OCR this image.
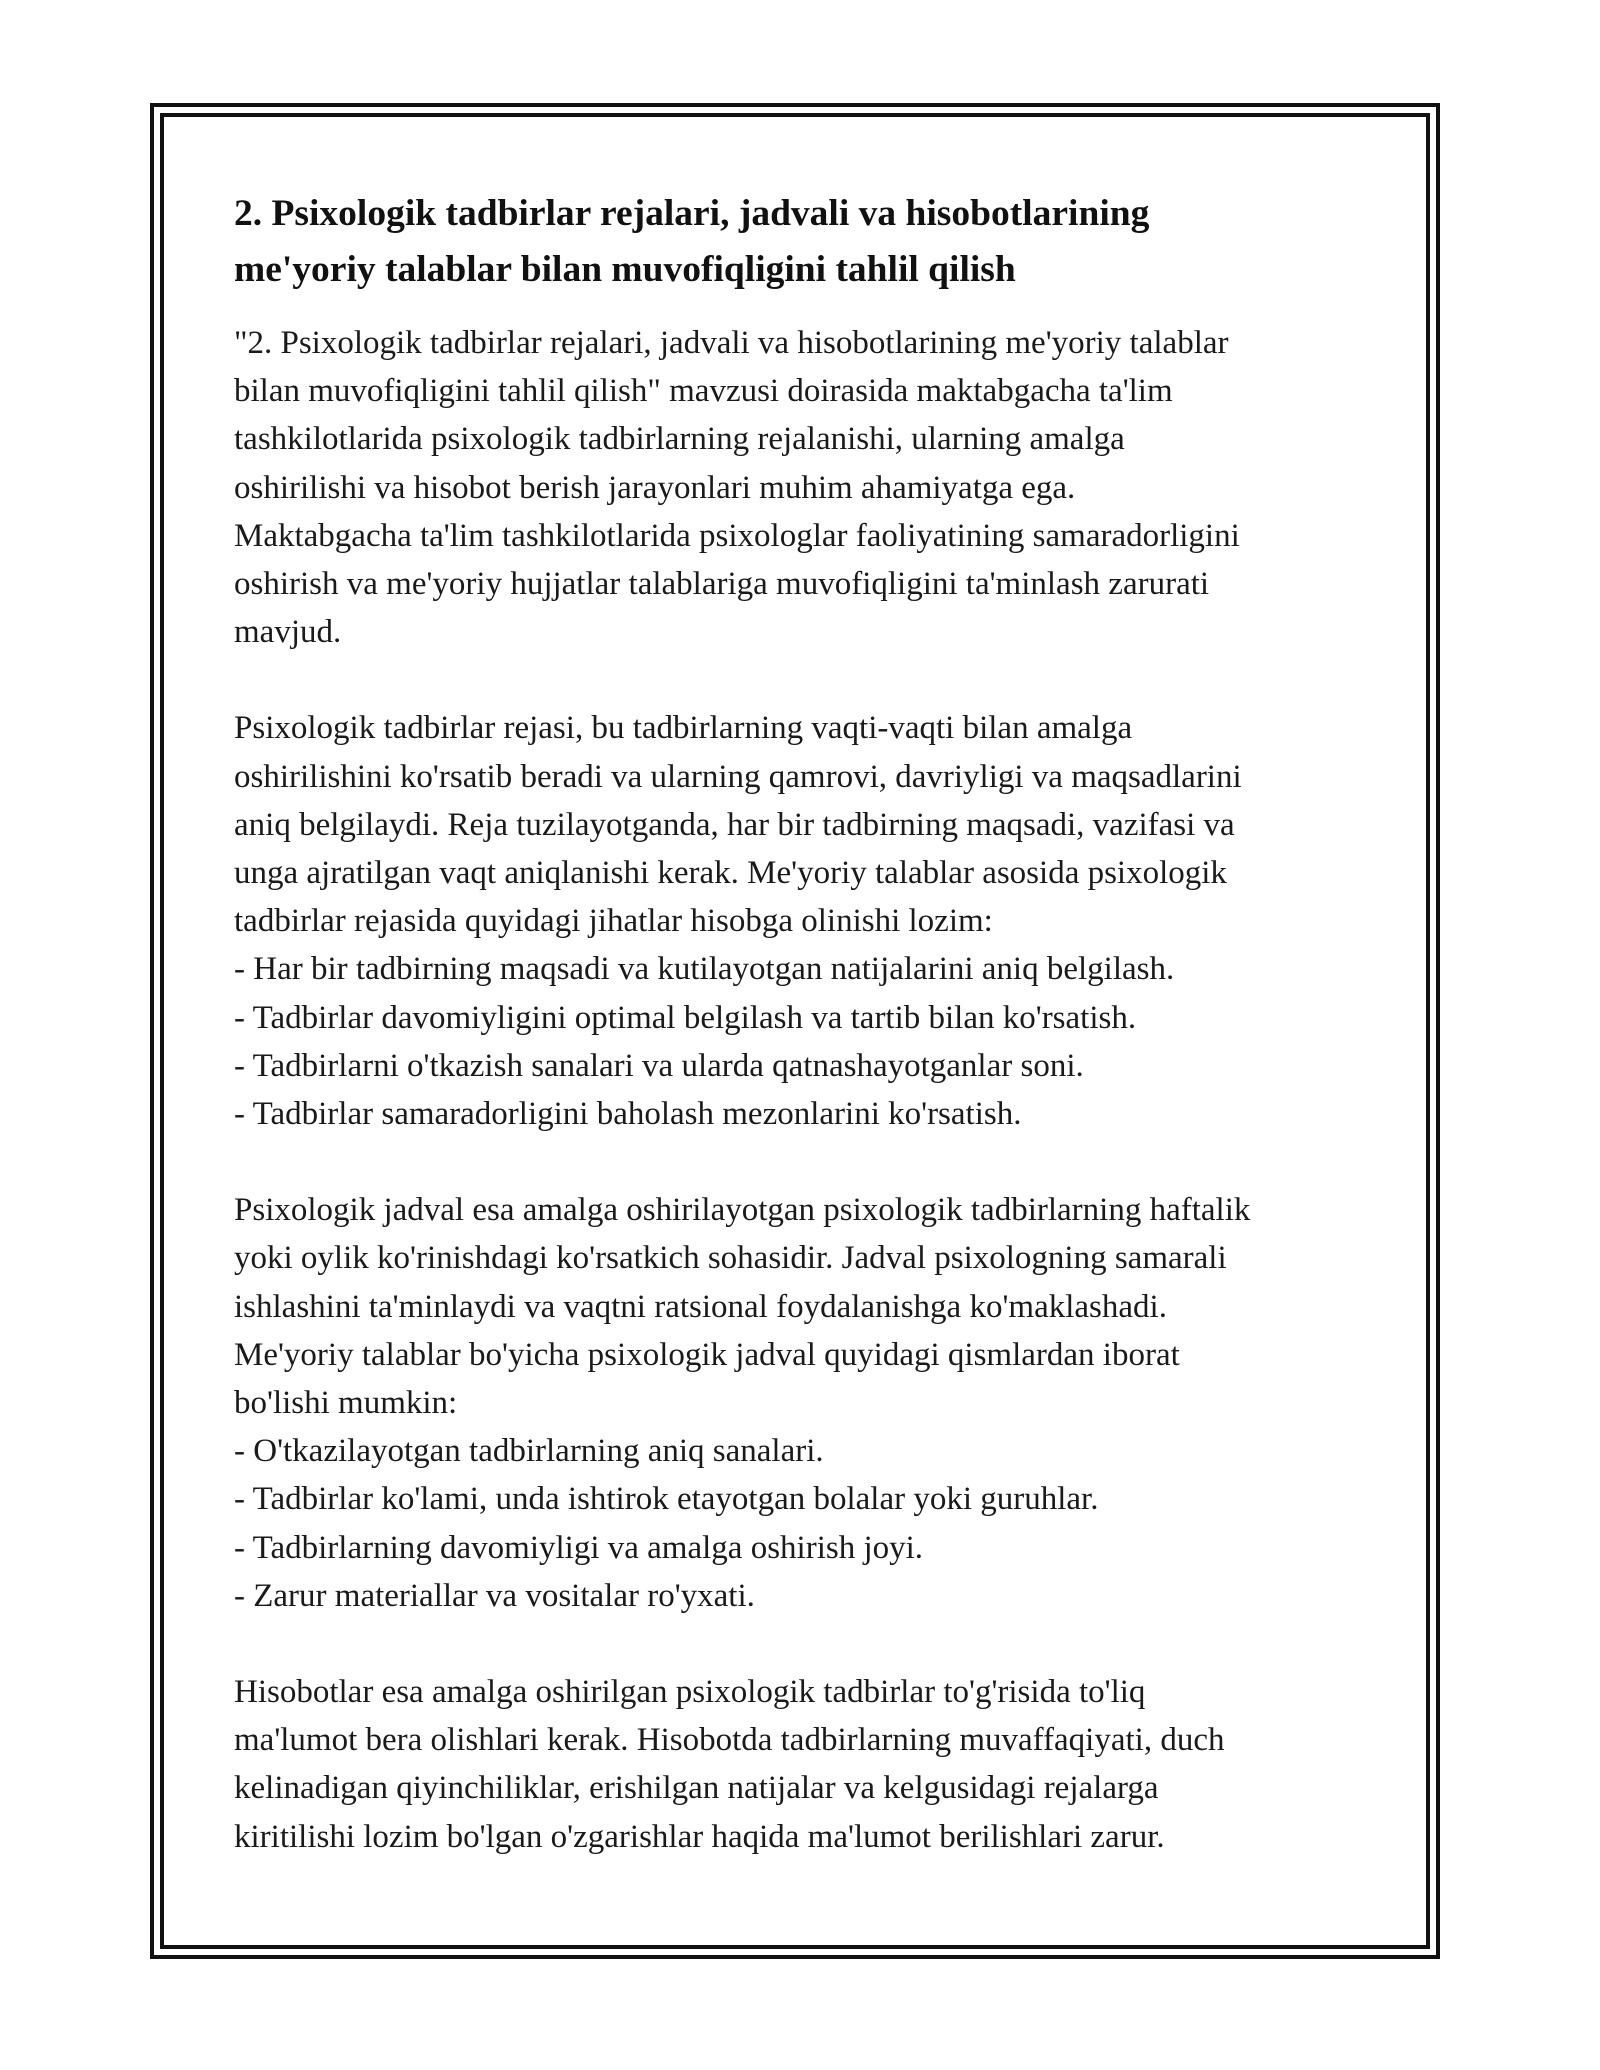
2. Psixologik tadbirlar rejalari, jadvali va hisobotlarining
me'yoriy talablar bilan muvofiqligini tahlil qilish
"2. Psixologik tadbirlar rejalari, jadvali va hisobotlarining me'yoriy talablar
bilan muvofiqligini tahlil qilish" mavzusi doirasida maktabgacha ta'lim
tashkilotlarida psixologik tadbirlarning rejalanishi, ularning amalga
oshirilishi va hisobot berish jarayonlari muhim ahamiyatga ega.
Maktabgacha ta'lim tashkilotlarida psixologlar faoliyatining samaradorligini
oshirish va me'yoriy hujjatlar talablariga muvofiqligini ta'minlash zarurati
mavjud.
Psixologik tadbirlar rejasi, bu tadbirlarning vaqti-vaqti bilan amalga
oshirilishini ko'rsatib beradi va ularning qamrovi, davriyligi va maqsadlarini
aniq belgilaydi. Reja tuzilayotganda, har bir tadbirning maqsadi, vazifasi va
unga ajratilgan vaqt aniqlanishi kerak. Me'yoriy talablar asosida psixologik
tadbirlar rejasida quyidagi jihatlar hisobga olinishi lozim:
- Har bir tadbirning maqsadi va kutilayotgan natijalarini aniq belgilash.
- Tadbirlar davomiyligini optimal belgilash va tartib bilan ko'rsatish.
- Tadbirlarni o'tkazish sanalari va ularda qatnashayotganlar soni.
- Tadbirlar samaradorligini baholash mezonlarini ko'rsatish.
Psixologik jadval esa amalga oshirilayotgan psixologik tadbirlarning haftalik
yoki oylik ko'rinishdagi ko'rsatkich sohasidir. Jadval psixologning samarali
ishlashini ta'minlaydi va vaqtni ratsional foydalanishga ko'maklashadi.
Me'yoriy talablar bo'yicha psixologik jadval quyidagi qismlardan iborat
bo'lishi mumkin:
- O'tkazilayotgan tadbirlarning aniq sanalari.
- Tadbirlar ko'lami, unda ishtirok etayotgan bolalar yoki guruhlar.
- Tadbirlarning davomiyligi va amalga oshirish joyi.
- Zarur materiallar va vositalar ro'yxati.
Hisobotlar esa amalga oshirilgan psixologik tadbirlar to'g'risida to'liq
ma'lumot bera olishlari kerak. Hisobotda tadbirlarning muvaffaqiyati, duch
kelinadigan qiyinchiliklar, erishilgan natijalar va kelgusidagi rejalarga
kiritilishi lozim bo'lgan o'zgarishlar haqida ma'lumot berilishlari zarur.
